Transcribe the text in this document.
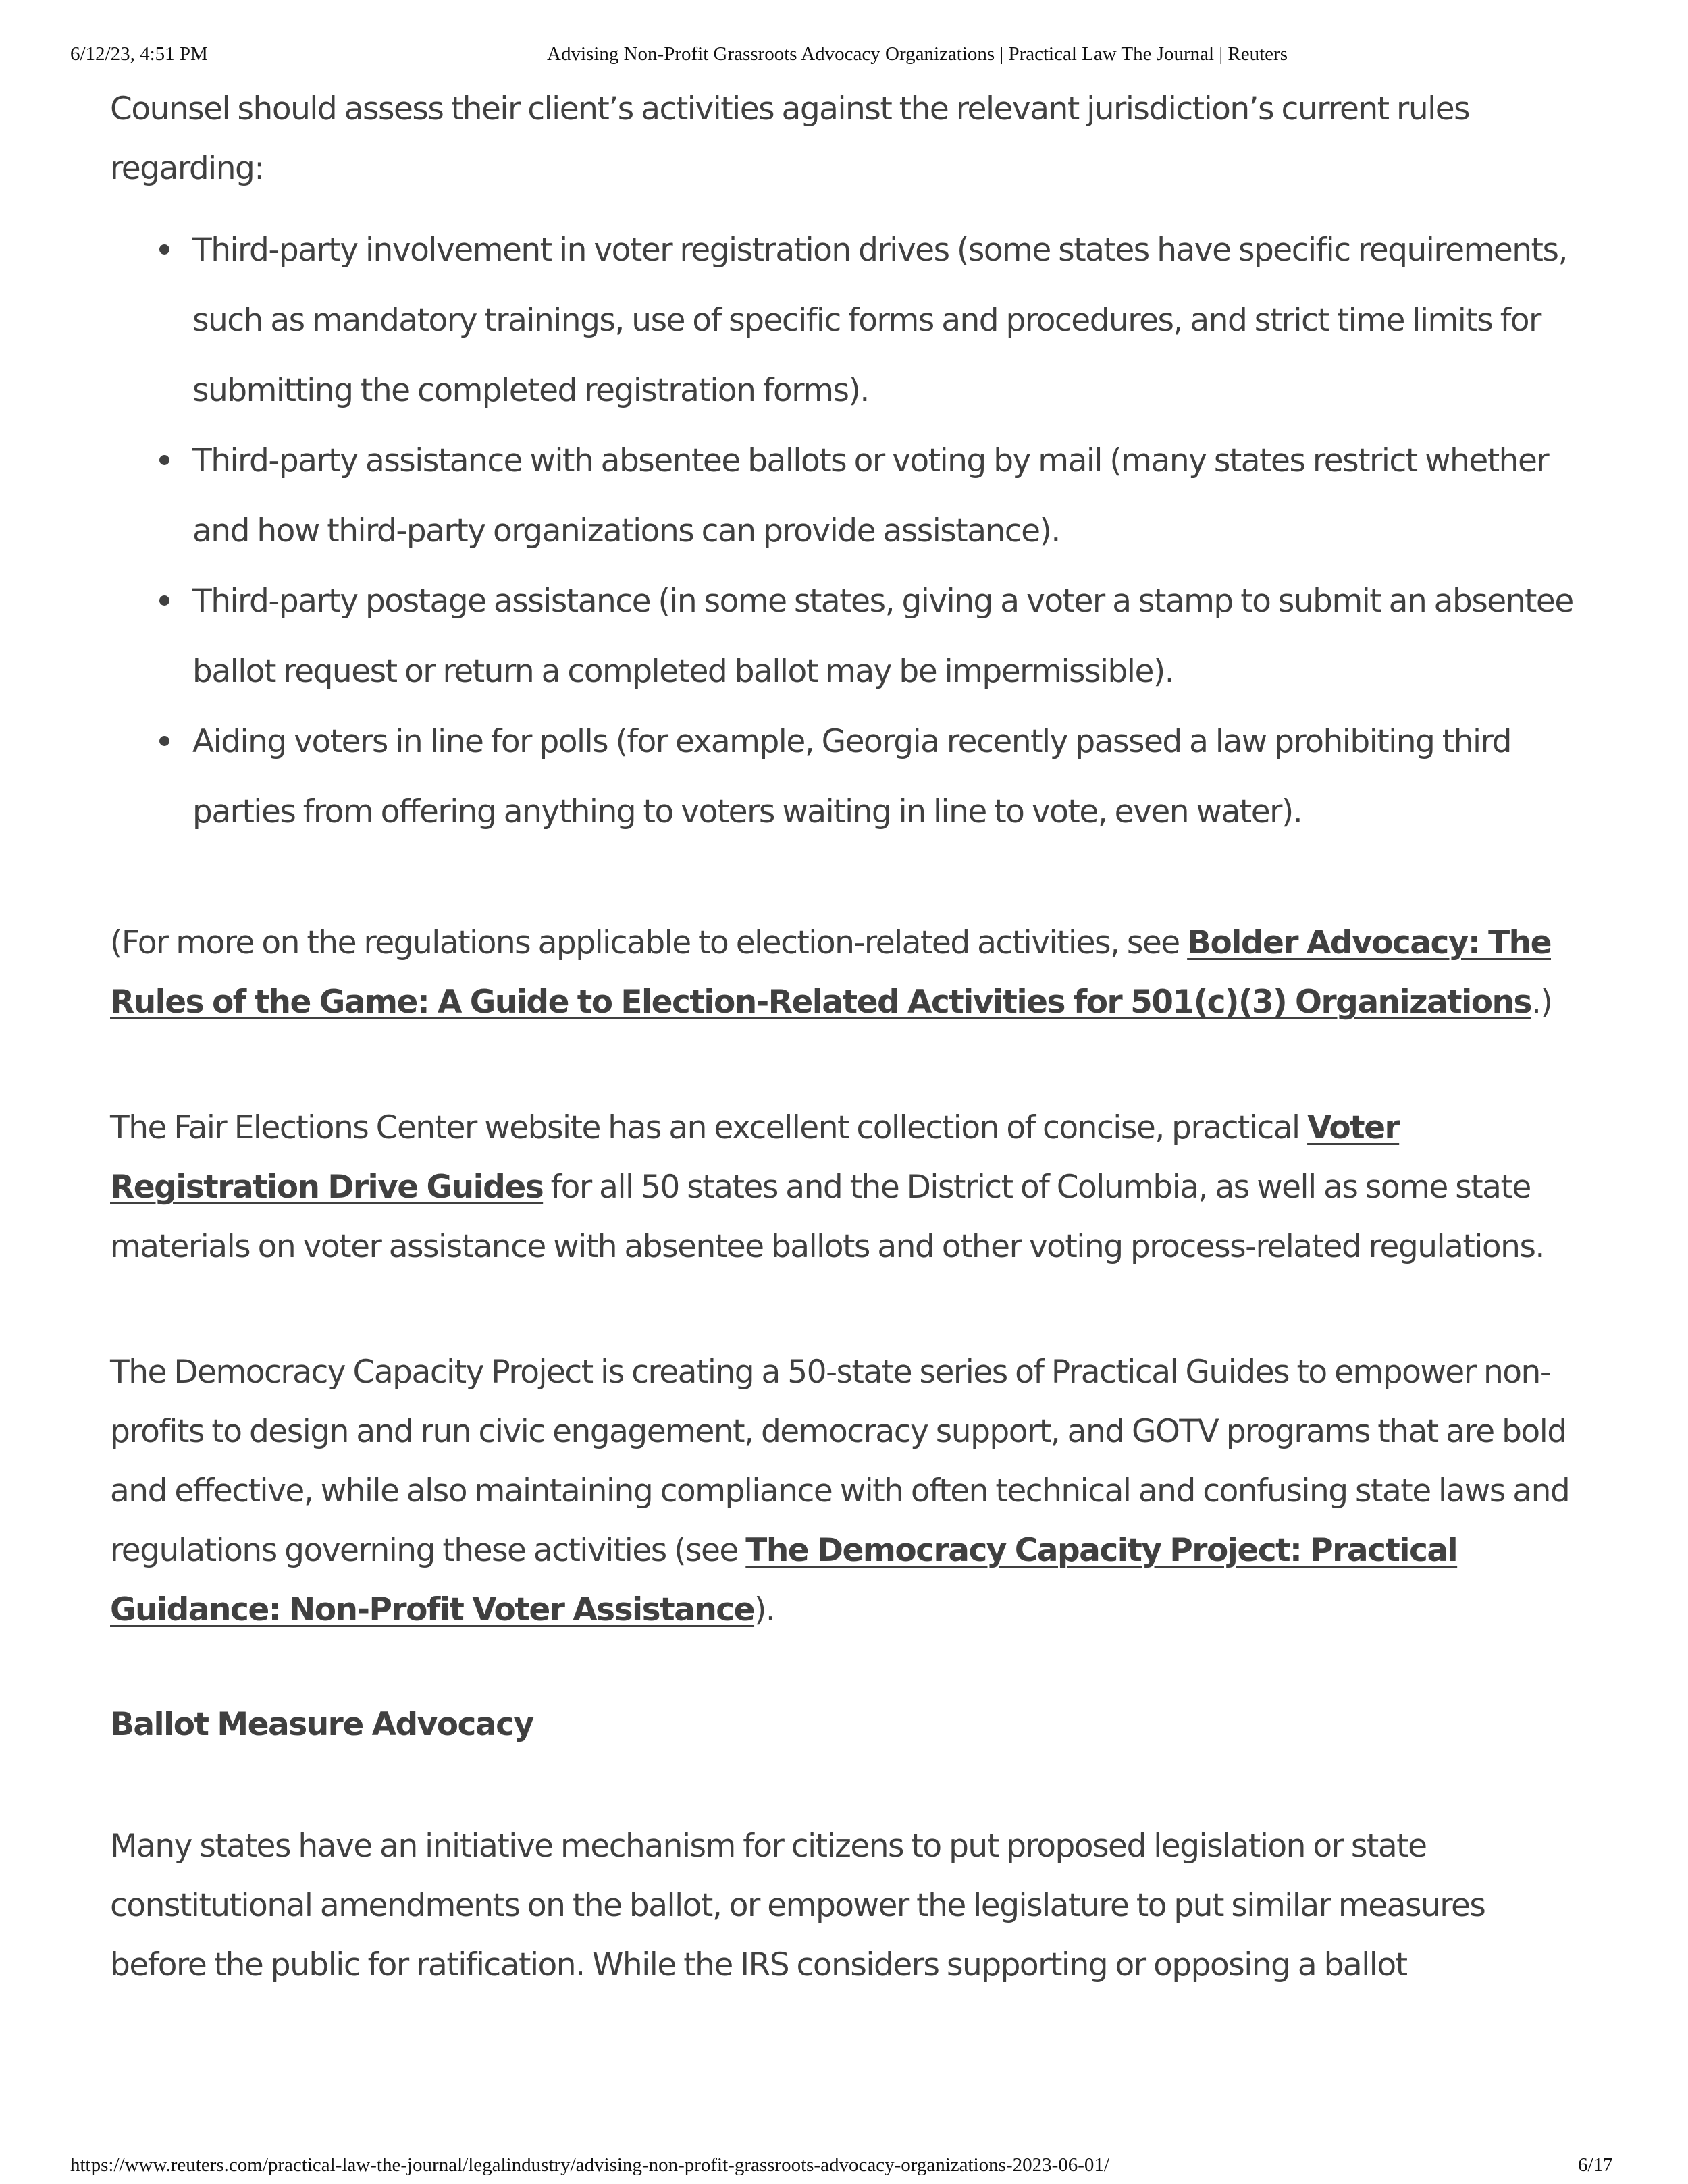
6/12/23, 4:51 PM	Advising Non-Profit Grassroots Advocacy Organizations | Practical Law The Journal | Reuters

Counsel should assess their client’s activities against the relevant jurisdiction’s current rules regarding:

Third-party involvement in voter registration drives (some states have specific requirements, such as mandatory trainings, use of specific forms and procedures, and strict time limits for submitting the completed registration forms).
Third-party assistance with absentee ballots or voting by mail (many states restrict whether and how third-party organizations can provide assistance).
Third-party postage assistance (in some states, giving a voter a stamp to submit an absentee ballot request or return a completed ballot may be impermissible).
Aiding voters in line for polls (for example, Georgia recently passed a law prohibiting third parties from offering anything to voters waiting in line to vote, even water).

(For more on the regulations applicable to election-related activities, see Bolder Advocacy: The Rules of the Game: A Guide to Election-Related Activities for 501(c)(3) Organizations.)

The Fair Elections Center website has an excellent collection of concise, practical Voter Registration Drive Guides for all 50 states and the District of Columbia, as well as some state materials on voter assistance with absentee ballots and other voting process-related regulations.

The Democracy Capacity Project is creating a 50-state series of Practical Guides to empower non-profits to design and run civic engagement, democracy support, and GOTV programs that are bold and effective, while also maintaining compliance with often technical and confusing state laws and regulations governing these activities (see The Democracy Capacity Project: Practical Guidance: Non-Profit Voter Assistance).

Ballot Measure Advocacy

Many states have an initiative mechanism for citizens to put proposed legislation or state constitutional amendments on the ballot, or empower the legislature to put similar measures before the public for ratification. While the IRS considers supporting or opposing a ballot

https://www.reuters.com/practical-law-the-journal/legalindustry/advising-non-profit-grassroots-advocacy-organizations-2023-06-01/	6/17
